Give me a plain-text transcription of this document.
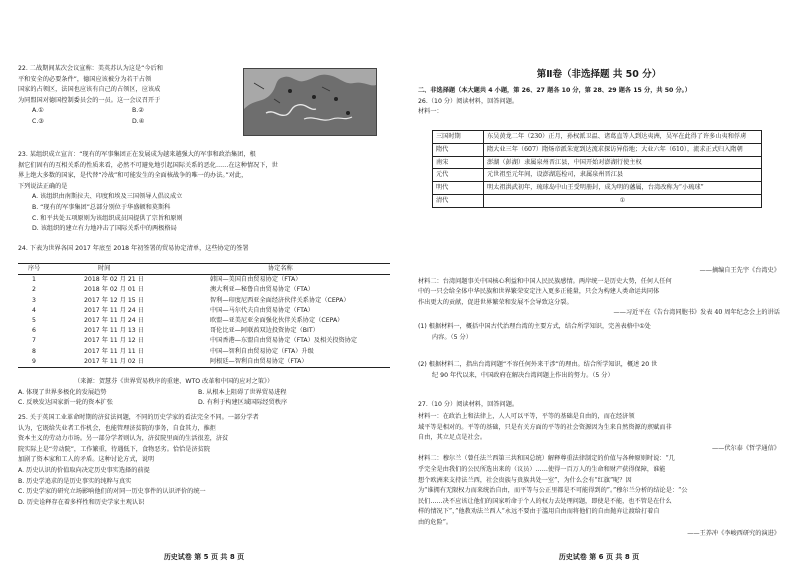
22. 二战期间某次会议宣称：美英苏认为这是“今后和

平和安全的必要条件”，德国应该被分为若干占领

国家的占领区，法国也应该有自己的占领区，应该成

为同盟国对德国控制委员会的一员。这一会议召开于

A.①	B.②

C.③	D.④

23. 某组织成立宣言：“现有的军事集团正在发展成为越来越强大的军事和政治集团，根

据它们固有的互相关系的性质来看，必然不可避免地引起国际关系的恶化……在这种情况下，世

界上绝大多数的国家，是代替“冷战”和可能发生的全面核战争的唯一的办法。”对此，

下列说法正确的是

A. 该组织由南斯拉夫、印度和埃及三国领导人倡议成立

B. “现有的军事集团”总部分别位于华盛顿和莫斯科

C. 和平共处五项原则为该组织成员国提供了宗旨和原则

D. 该组织的建立有力地冲击了国际关系中的两极格局

24. 下表为世界各国 2017 年底至 2018 年初签署的贸易协定清单，这些协定的签署

序号	时间	协定名称
1	2018 年 02 月 21 日	韩国—美国自由贸易协定（FTA）
2	2018 年 02 月 01 日	澳大利亚—秘鲁自由贸易协定（FTA）
3	2017 年 12 月 15 日	智利—印度尼西亚全面经济伙伴关系协定（CEPA）
4	2017 年 11 月 24 日	中国—马尔代夫自由贸易协定（FTA）
5	2017 年 11 月 24 日	欧盟—亚美尼亚全面强化伙伴关系协定（CEPA）
6	2017 年 11 月 13 日	哥伦比亚—阿联酋双边投资协定（BIT）
7	2017 年 11 月 12 日	中国香港—东盟自由贸易协定（FTA）及相关投资协定
8	2017 年 11 月 11 日	中国—智利自由贸易协定（FTA）升级
9	2017 年 11 月 02 日	阿根廷—智利自由贸易协定（FTA）

（来源：贺慧芬《世界贸易秩序的重建、WTO 改革和中国的应对之策》）

A. 体现了世界多极化的发展趋势	B. 从根本上阻碍了世界贸易进程

C. 反映发达国家新一轮的资本扩张	D. 有利于构建区域国际经贸秩序

25. 关于英国工业革命时期的济贫法问题，不同的历史学家的看法完全不同。一部分学者

认为，它既给失业者工作机会，也能管理济贫院的事务，自食其力，推拒

资本主义的劳动力市场。另一部分学者则认为，济贫院里面的生活很差，济贫

院实际上是“劳动院”，工作繁重，待遇低下，食物恶劣。恰恰是济贫院

加剧了资本家和工人的矛盾。这种讨论方式，说明

A. 历史认识的价值取向决定历史事实选择的前提

B. 历史学追求的是历史事实的纯粹与真实

C. 历史学家的研究立场影响他们的对同一历史事件的认识评价的统一

D. 历史诠释存在着多样性和历史学家主观认识

历史试卷 第 5 页 共 8 页
第Ⅱ卷（非选择题 共 50 分）

二、非选择题（本大题共 4 小题，第 26、27 题各 10 分，第 28、29 题各 15 分，共 50 分。）

26.（10 分）阅读材料，回答问题。

材料一：

三国时期	东吴黄龙二年（230）正月，孙权派卫温、诸葛直等人到达夷洲，吴军在此得了许多山夷和俘虏
隋代	隋大业三年（607）隋炀帝派朱宽到达流求探访异俗地；大业六年（610），流求正式归入隋朝
南宋	澎湖（彭湖）隶属泉州晋江县，中国开始对澎湖行使主权
元代	元世祖至元年间，设澎湖巡检司，隶属泉州晋江县
明代	明太祖洪武初年，琉球岛中山王受明册封，成为明的藩属，台湾改称为“小琉球”
清代	①

——摘编自王先宇《台湾史》

材料二：台湾问题事关中国核心利益和中国人民民族感情。两岸统一是历史大势，任何人任何

中的一只会给全体中华民族和世界繁荣安定注入更多正能量，只会为构建人类命运共同体

作出更大的贡献，促进世界繁荣和发展不会导致这分裂。

——习近平在《告台湾同胞书》发表 40 周年纪念会上的讲话

(1) 根据材料一，概括中国古代治理台湾的主要方式，结合所学知识，完善表格中①处

内容。（5 分）

(2) 根据材料二，指出台湾问题“不容任何外来干涉”的理由。结合所学知识，概述 20 世

纪 90 年代以来，中国政府在解决台湾问题上作出的努力。（5 分）

27.（10 分）阅读材料，回答问题。

材料一：在政治上和法律上，人人可以平等，平等的基础是自由的，而在经济领

域平等是相对的。平等的基础，只是有关方面的平等的社会资源因为生来自然资源的禀赋而非

自由，其立足点是社会。

——伏尔泰《哲学通信》

材料二：穆尔兰（曾任法兰西第三共和国总统）解释尊重法律制定的价值与各种原则时说：“几

乎完全是由我们的公民所选出来的（议员）……使得一百万人的生命和财产获得保障，谁能

想个欧洲来支持法兰西，社会贵族与贵族共处一室”，为什么会有“红旗”呢？因

为“谁拥有无限权力而来统治自由，而平等与公正里都是不可能得到的”。”穆尔兰分析的结论是：“公

民们……决不应该让他们的国家听命于个人的权力去处理问题，即使是不能，也不管是在什么

样的情况下”，”他教劝法兰西人“永远不要由于滥用自由而将他们的自由抛弃让渡给打着自

由的危险”。

——王养冲《李峻西研究的演进》

历史试卷 第 6 页 共 8 页
